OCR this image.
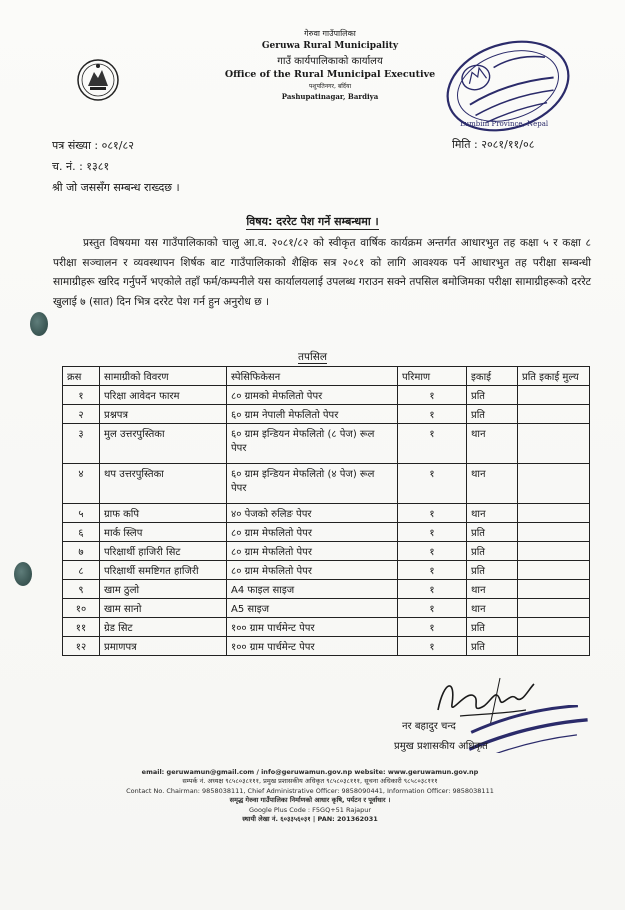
गेरुवा गाउँपालिका
Geruwa Rural Municipality
गाउँ कार्यपालिकाको कार्यालय
Office of the Rural Municipal Executive
पशुपतिनगर, बर्दिया
Pashupatinagar, Bardiya
Lumbini Province, Nepal
पत्र संख्या : ०८१/८२
च. नं. : १३८१
श्री जो जससँग सम्बन्ध राख्दछ ।
मिति : २०८१/११/०८
विषय: दररेट पेश गर्ने सम्बन्धमा ।
प्रस्तुत विषयमा यस गाउँपालिकाको चालु आ.व. २०८१/८२ को स्वीकृत वार्षिक कार्यक्रम अन्तर्गत आधारभुत तह कक्षा ५ र कक्षा ८ परीक्षा सञ्चालन र व्यवस्थापन शिर्षक बाट गाउँपालिकाको शैक्षिक सत्र २०८१ को लागि आवश्यक पर्ने आधारभुत तह परीक्षा सम्बन्धी सामाग्रीहरू खरिद गर्नुपर्ने भएकोले तहाँ फर्म/कम्पनीले यस कार्यालयलाई उपलब्ध गराउन सक्ने तपसिल बमोजिमका परीक्षा सामाग्रीहरूको दररेट खुलाई ७ (सात) दिन भित्र दररेट पेश गर्न हुन अनुरोध छ ।
तपसिल
क्रस	सामाग्रीको विवरण	स्पेसिफिकेसन	परिमाण	इकाई	प्रति इकाई मुल्य
१	परिक्षा आवेदन फारम	८० ग्रामको मेफलितो पेपर	१	प्रति	
२	प्रश्नपत्र	६० ग्राम नेपाली मेफलितो पेपर	१	प्रति	
३	मुल उत्तरपुस्तिका	६० ग्राम इन्डियन मेफलितो (८ पेज) रूल पेपर	१	थान	
४	थप उत्तरपुस्तिका	६० ग्राम इन्डियन मेफलितो (४ पेज) रूल पेपर	१	थान	
५	ग्राफ कपि	४० पेजको रुलिङ पेपर	१	थान	
६	मार्क स्लिप	८० ग्राम मेफलितो पेपर	१	प्रति	
७	परिक्षार्थी हाजिरी सिट	८० ग्राम मेफलितो पेपर	१	प्रति	
८	परिक्षार्थी समष्टिगत हाजिरी	८० ग्राम मेफलितो पेपर	१	प्रति	
९	खाम ठुलो	A4 फाइल साइज	१	थान	
१०	खाम सानो	A5 साइज	१	थान	
११	ग्रेड सिट	१०० ग्राम पार्चमेन्ट पेपर	१	प्रति	
१२	प्रमाणपत्र	१०० ग्राम पार्चमेन्ट पेपर	१	प्रति	
नर बहादुर चन्द
प्रमुख प्रशासकीय अधिकृत
email: geruwamun@gmail.com / info@geruwamun.gov.np website: www.geruwamun.gov.np
सम्पर्क नं. अध्यक्ष ९८५८०३८१११, प्रमुख प्रशासकीय अधिकृत ९८५८०३८१११, सूचना अधिकारी ९८५८०३८१११
Contact No. Chairman: 9858038111, Chief Administrative Officer: 9858090441, Information Officer: 9858038111
समृद्ध गेरुवा गाउँपालिका निर्माणको आधार कृषि, पर्यटन र पूर्वाधार ।
Google Plus Code : F5GQ+51 Rajapur
स्थायी लेखा नं. ६०३३५६०३१ | PAN: 201362031
